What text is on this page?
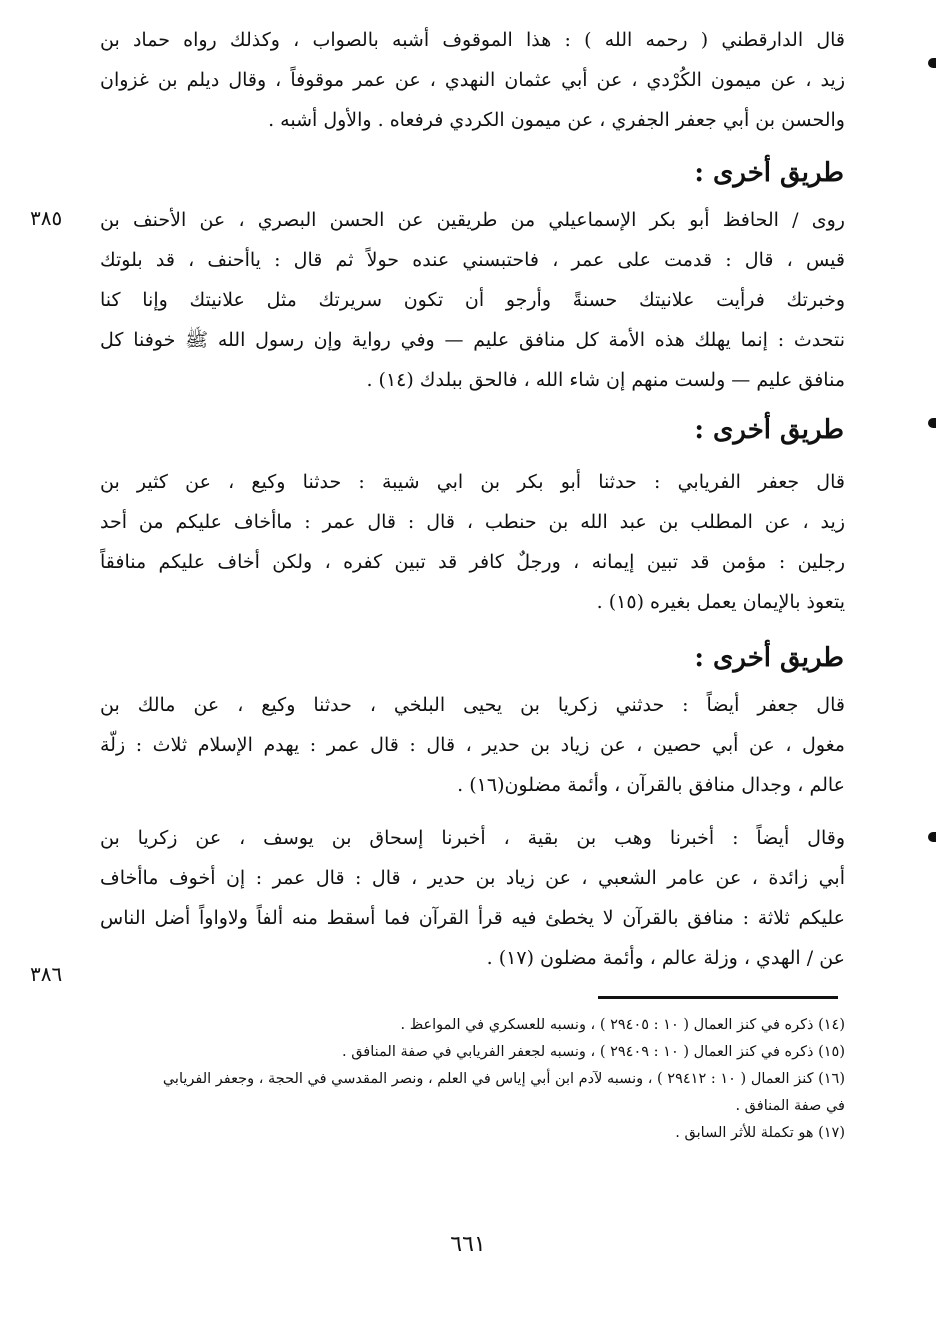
قال الدارقطني ( رحمه الله ) : هذا الموقوف أشبه بالصواب ، وكذلك رواه حماد بن
زيد ، عن ميمون الكُرْدي ، عن أبي عثمان النهدي ، عن عمر موقوفاً ، وقال ديلم بن غزوان
والحسن بن أبي جعفر الجفري ، عن ميمون الكردي فرفعاه . والأول أشبه .
طريق أخرى :
روى / الحافظ أبو بكر الإسماعيلي من طريقين عن الحسن البصري ، عن الأحنف بن
قيس ، قال : قدمت على عمر ، فاحتبسني عنده حولاً ثم قال : ياأحنف ، قد بلوتك
وخبرتك فرأيت علانيتك حسنةً وأرجو أن تكون سريرتك مثل علانيتك وإنا كنا
نتحدث : إنما يهلك هذه الأمة كل منافق عليم — وفي رواية وإن رسول الله ﷺ خوفنا كل
منافق عليم — ولست منهم إن شاء الله ، فالحق ببلدك (١٤) .
٣٨٥
طريق أخرى :
قال جعفر الفريابي : حدثنا أبو بكر بن ابي شيبة : حدثنا وكيع ، عن كثير بن
زيد ، عن المطلب بن عبد الله بن حنطب ، قال : قال عمر : ماأخاف عليكم من أحد
رجلين : مؤمن قد تبين إيمانه ، ورجلٌ كافر قد تبين كفره ، ولكن أخاف عليكم منافقاً
يتعوذ بالإيمان يعمل بغيره (١٥) .
طريق أخرى :
قال جعفر أيضاً : حدثني زكريا بن يحيى البلخي ، حدثنا وكيع ، عن مالك بن
مغول ، عن أبي حصين ، عن زياد بن حدير ، قال : قال عمر : يهدم الإسلام ثلاث : زلّة
عالم ، وجدال منافق بالقرآن ، وأئمة مضلون(١٦) .
وقال أيضاً : أخبرنا وهب بن بقية ، أخبرنا إسحاق بن يوسف ، عن زكريا بن
أبي زائدة ، عن عامر الشعبي ، عن زياد بن حدير ، قال : قال عمر : إن أخوف ماأخاف
عليكم ثلاثة : منافق بالقرآن لا يخطئ فيه قرأ القرآن فما أسقط منه ألفاً ولاواواً أضل الناس
عن / الهدي ، وزلة عالم ، وأئمة مضلون (١٧) .
٣٨٦
(١٤) ذكره في كنز العمال ( ١٠ : ٢٩٤٠٥ ) ، ونسبه للعسكري في المواعظ .
(١٥) ذكره في كنز العمال ( ١٠ : ٢٩٤٠٩ ) ، ونسبه لجعفر الفريابي في صفة المنافق .
(١٦) كنز العمال ( ١٠ : ٢٩٤١٢ ) ، ونسبه لآدم ابن أبي إياس في العلم ، ونصر المقدسي في الحجة ، وجعفر الفريابي
في صفة المنافق .
(١٧) هو تكملة للأثر السابق .
٦٦١
